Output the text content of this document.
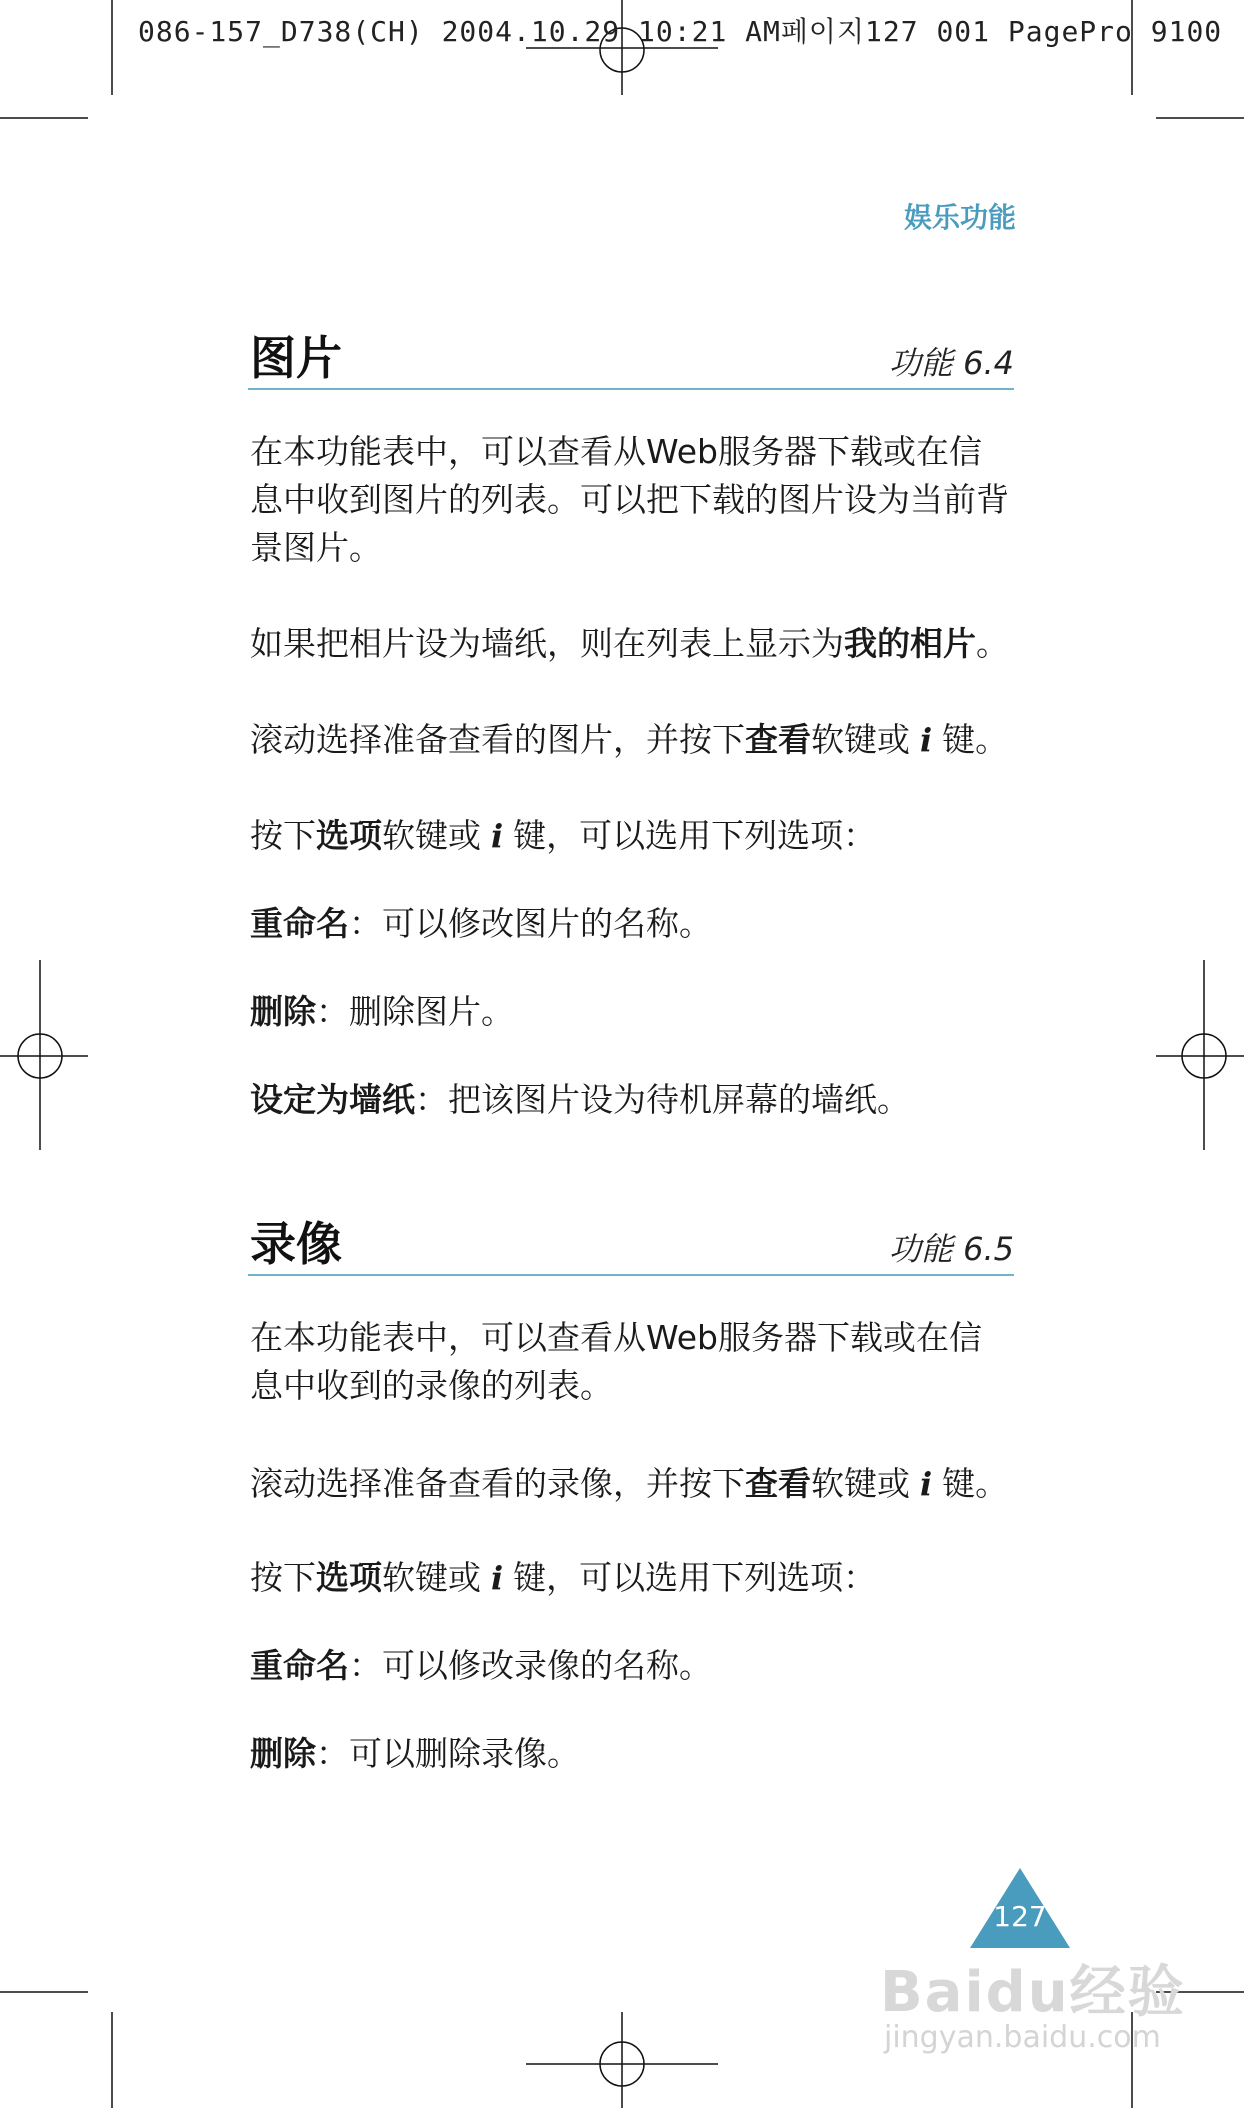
086-157_D738(CH) 2004.10.29 10:21 AM페이지127 001 PagePro 9100
娱乐功能
图片	功能 6.4
在本功能表中，可以查看从Web服务器下载或在信息中收到图片的列表。可以把下载的图片设为当前背景图片。
如果把相片设为墙纸，则在列表上显示为我的相片。
滚动选择准备查看的图片，并按下查看软键或 i 键。
按下选项软键或 i 键，可以选用下列选项：
重命名：可以修改图片的名称。
删除：删除图片。
设定为墙纸：把该图片设为待机屏幕的墙纸。
录像	功能 6.5
在本功能表中，可以查看从Web服务器下载或在信息中收到的录像的列表。
滚动选择准备查看的录像，并按下查看软键或 i 键。
按下选项软键或 i 键，可以选用下列选项：
重命名：可以修改录像的名称。
删除：可以删除录像。
127
Baidu经验
jingyan.baidu.com
